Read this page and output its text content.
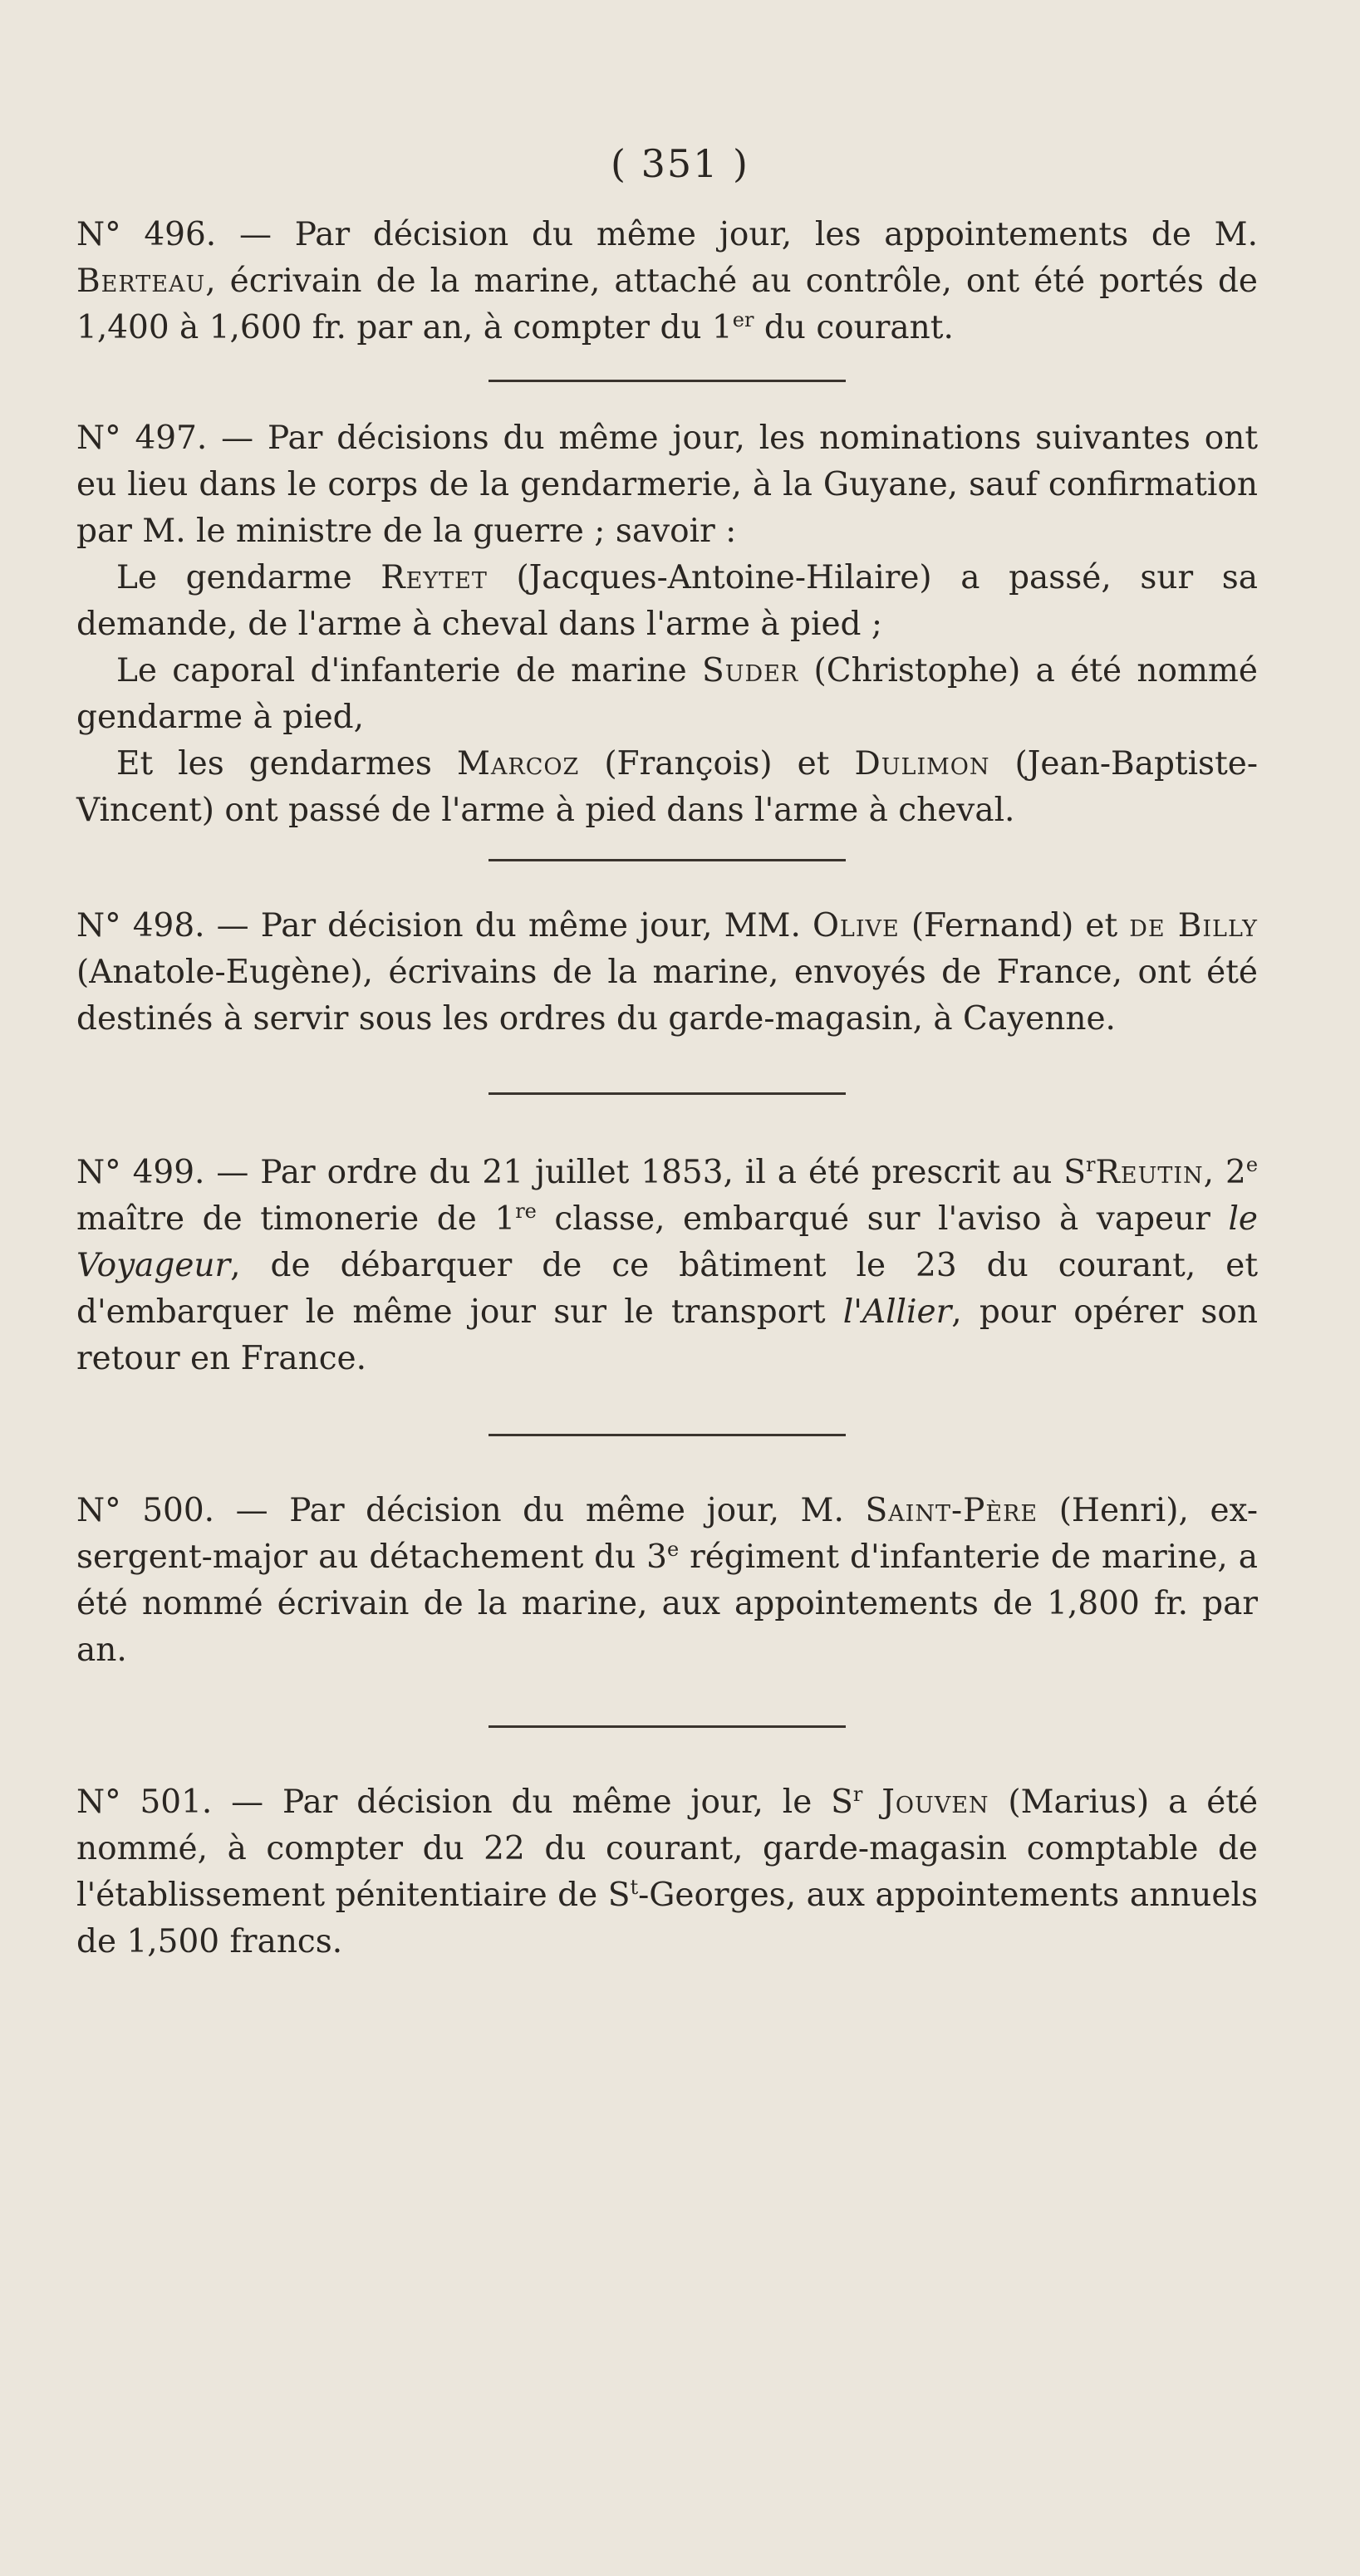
( 351 )

N° 496. — Par décision du même jour, les appointements de M. Berteau, écrivain de la marine, attaché au contrôle, ont été portés de 1,400 à 1,600 fr. par an, à compter du 1er du courant.

N° 497. — Par décisions du même jour, les nominations suivantes ont eu lieu dans le corps de la gendarmerie, à la Guyane, sauf confirmation par M. le ministre de la guerre ; savoir :

Le gendarme Reytet (Jacques-Antoine-Hilaire) a passé, sur sa demande, de l'arme à cheval dans l'arme à pied ;

Le caporal d'infanterie de marine Suder (Christophe) a été nommé gendarme à pied,

Et les gendarmes Marcoz (François) et Dulimon (Jean-Baptiste-Vincent) ont passé de l'arme à pied dans l'arme à cheval.

N° 498. — Par décision du même jour, MM. Olive (Fernand) et de Billy (Anatole-Eugène), écrivains de la marine, envoyés de France, ont été destinés à servir sous les ordres du garde-magasin, à Cayenne.

N° 499. — Par ordre du 21 juillet 1853, il a été prescrit au $S^rReutin$, 2e maître de timonerie de 1re classe, embarqué sur l'aviso à vapeur le Voyageur, de débarquer de ce bâtiment le 23 du courant, et d'embarquer le même jour sur le transport l'Allier, pour opérer son retour en France.

N° 500. — Par décision du même jour, M. Saint-Père (Henri), ex-sergent-major au détachement du 3e régiment d'infanterie de marine, a été nommé écrivain de la marine, aux appointements de 1,800 fr. par an.

N° 501. — Par décision du même jour, le $S^r$ Jouven (Marius) a été nommé, à compter du 22 du courant, garde-magasin comptable de l'établissement pénitentiaire de $S^t$-Georges, aux appointements annuels de 1,500 francs.
